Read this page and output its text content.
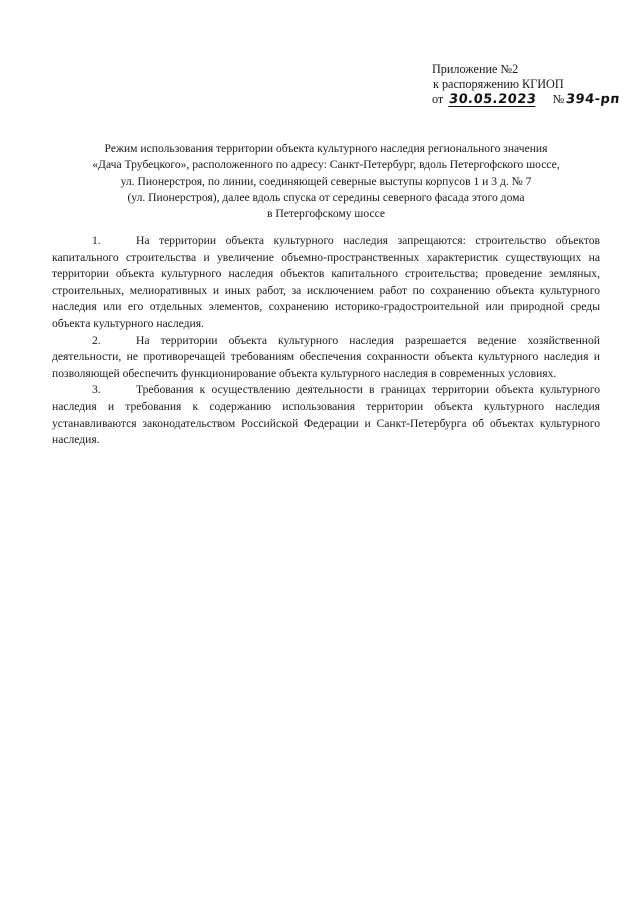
Приложение №2
к распоряжению КГИОП
от 30.05.2023 №394-рп
Режим использования территории объекта культурного наследия регионального значения
«Дача Трубецкого», расположенного по адресу: Санкт-Петербург, вдоль Петергофского шоссе,
ул. Пионерстроя, по линии, соединяющей северные выступы корпусов 1 и 3 д. № 7
(ул. Пионерстроя), далее вдоль спуска от середины северного фасада этого дома
в Петергофскому шоссе

1.	На территории объекта культурного наследия запрещаются: строительство объектов капитального строительства и увеличение объемно-пространственных характеристик существующих на территории объекта культурного наследия объектов капитального строительства; проведение земляных, строительных, мелиоративных и иных работ, за исключением работ по сохранению объекта культурного наследия или его отдельных элементов, сохранению историко-градостроительной или природной среды объекта культурного наследия.

2.	На территории объекта культурного наследия разрешается ведение хозяйственной деятельности, не противоречащей требованиям обеспечения сохранности объекта культурного наследия и позволяющей обеспечить функционирование объекта культурного наследия в современных условиях.

3.	Требования к осуществлению деятельности в границах территории объекта культурного наследия и требования к содержанию использования территории объекта культурного наследия устанавливаются законодательством Российской Федерации и Санкт-Петербурга об объектах культурного наследия.
